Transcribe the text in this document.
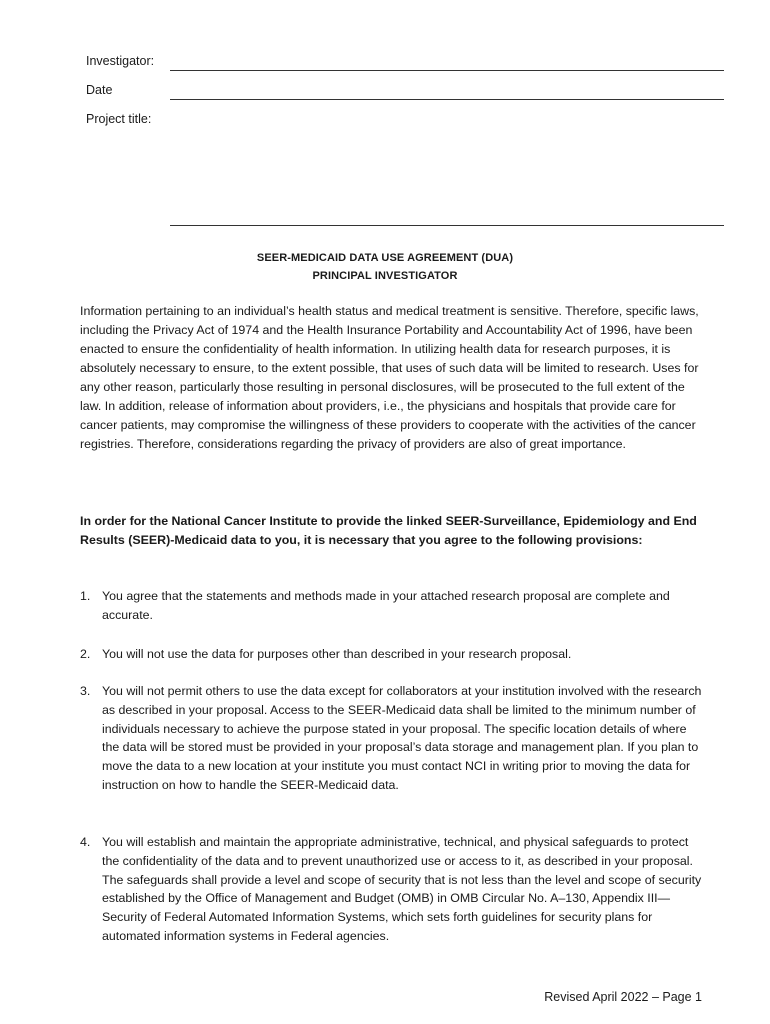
Investigator:
Date
Project title:
SEER-MEDICAID DATA USE AGREEMENT (DUA)
PRINCIPAL INVESTIGATOR
Information pertaining to an individual’s health status and medical treatment is sensitive. Therefore, specific laws, including the Privacy Act of 1974 and the Health Insurance Portability and Accountability Act of 1996, have been enacted to ensure the confidentiality of health information. In utilizing health data for research purposes, it is absolutely necessary to ensure, to the extent possible, that uses of such data will be limited to research. Uses for any other reason, particularly those resulting in personal disclosures, will be prosecuted to the full extent of the law. In addition, release of information about providers, i.e., the physicians and hospitals that provide care for cancer patients, may compromise the willingness of these providers to cooperate with the activities of the cancer registries. Therefore, considerations regarding the privacy of providers are also of great importance.
In order for the National Cancer Institute to provide the linked SEER-Surveillance, Epidemiology and End Results (SEER)-Medicaid data to you, it is necessary that you agree to the following provisions:
1. You agree that the statements and methods made in your attached research proposal are complete and accurate.
2. You will not use the data for purposes other than described in your research proposal.
3. You will not permit others to use the data except for collaborators at your institution involved with the research as described in your proposal. Access to the SEER-Medicaid data shall be limited to the minimum number of individuals necessary to achieve the purpose stated in your proposal. The specific location details of where the data will be stored must be provided in your proposal’s data storage and management plan. If you plan to move the data to a new location at your institute you must contact NCI in writing prior to moving the data for instruction on how to handle the SEER-Medicaid data.
4. You will establish and maintain the appropriate administrative, technical, and physical safeguards to protect the confidentiality of the data and to prevent unauthorized use or access to it, as described in your proposal. The safeguards shall provide a level and scope of security that is not less than the level and scope of security established by the Office of Management and Budget (OMB) in OMB Circular No. A–130, Appendix III—Security of Federal Automated Information Systems, which sets forth guidelines for security plans for automated information systems in Federal agencies.
Revised April 2022 – Page 1
